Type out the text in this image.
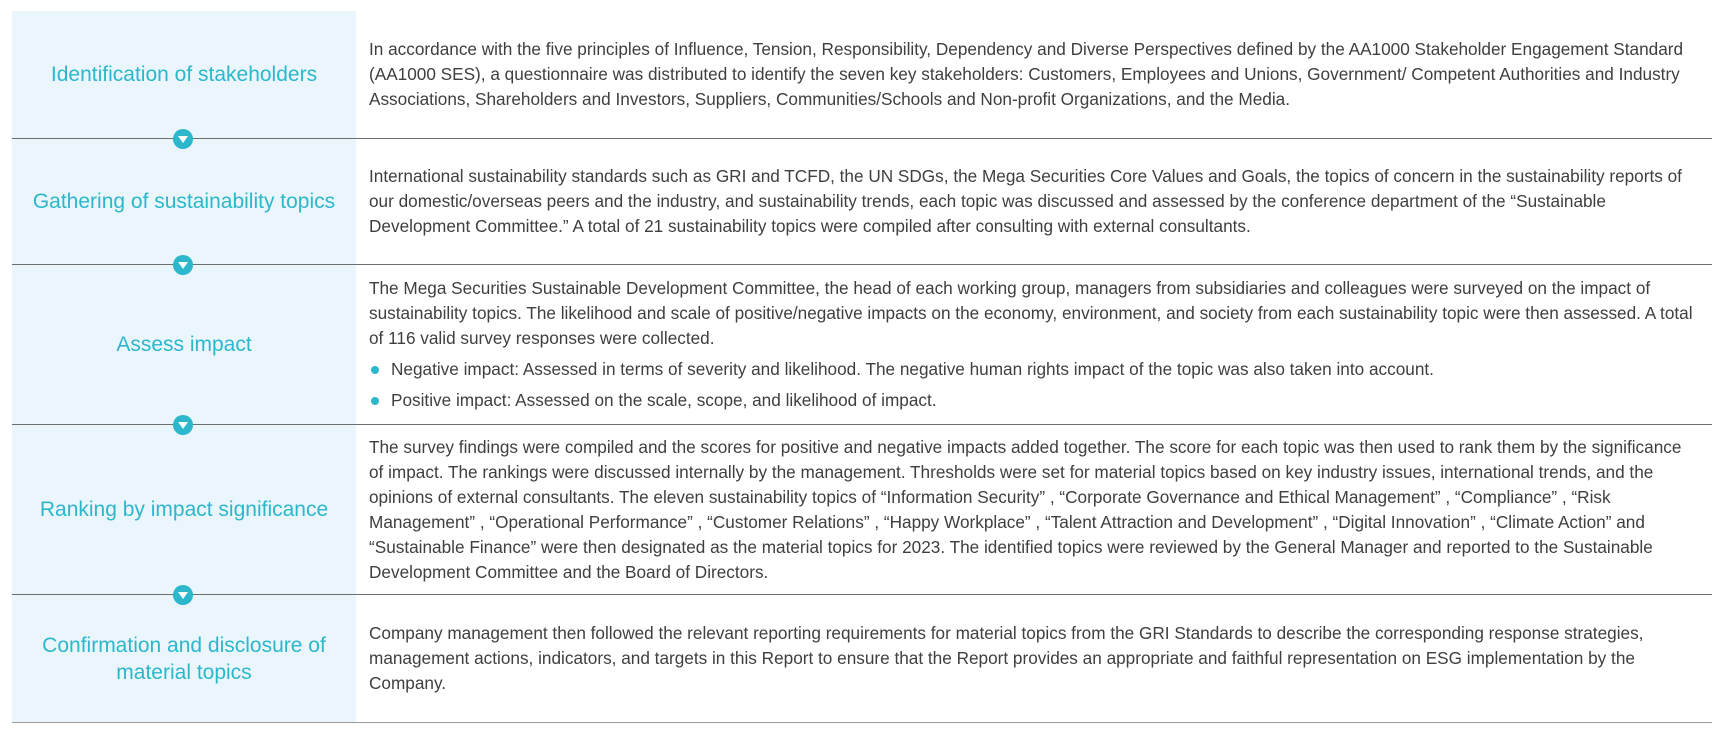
Identification of stakeholders

In accordance with the five principles of Influence, Tension, Responsibility, Dependency and Diverse Perspectives defined by the AA1000 Stakeholder Engagement Standard (AA1000 SES), a questionnaire was distributed to identify the seven key stakeholders: Customers, Employees and Unions, Government/ Competent Authorities and Industry Associations, Shareholders and Investors, Suppliers, Communities/Schools and Non-profit Organizations, and the Media.

Gathering of sustainability topics

International sustainability standards such as GRI and TCFD, the UN SDGs, the Mega Securities Core Values and Goals, the topics of concern in the sustainability reports of our domestic/overseas peers and the industry, and sustainability trends, each topic was discussed and assessed by the conference department of the “Sustainable Development Committee.” A total of 21 sustainability topics were compiled after consulting with external consultants.

Assess impact

The Mega Securities Sustainable Development Committee, the head of each working group, managers from subsidiaries and colleagues were surveyed on the impact of sustainability topics. The likelihood and scale of positive/negative impacts on the economy, environment, and society from each sustainability topic were then assessed. A total of 116 valid survey responses were collected.

Negative impact: Assessed in terms of severity and likelihood. The negative human rights impact of the topic was also taken into account.
Positive impact: Assessed on the scale, scope, and likelihood of impact.
Ranking by impact significance

The survey findings were compiled and the scores for positive and negative impacts added together. The score for each topic was then used to rank them by the significance of impact. The rankings were discussed internally by the management. Thresholds were set for material topics based on key industry issues, international trends, and the opinions of external consultants. The eleven sustainability topics of “Information Security” , “Corporate Governance and Ethical Management” , “Compliance” , “Risk Management” , “Operational Performance” , “Customer Relations” , “Happy Workplace” , “Talent Attraction and Development” , “Digital Innovation” , “Climate Action” and “Sustainable Finance” were then designated as the material topics for 2023. The identified topics were reviewed by the General Manager and reported to the Sustainable Development Committee and the Board of Directors.

Confirmation and disclosure of material topics

Company management then followed the relevant reporting requirements for material topics from the GRI Standards to describe the corresponding response strategies, management actions, indicators, and targets in this Report to ensure that the Report provides an appropriate and faithful representation on ESG implementation by the Company.
